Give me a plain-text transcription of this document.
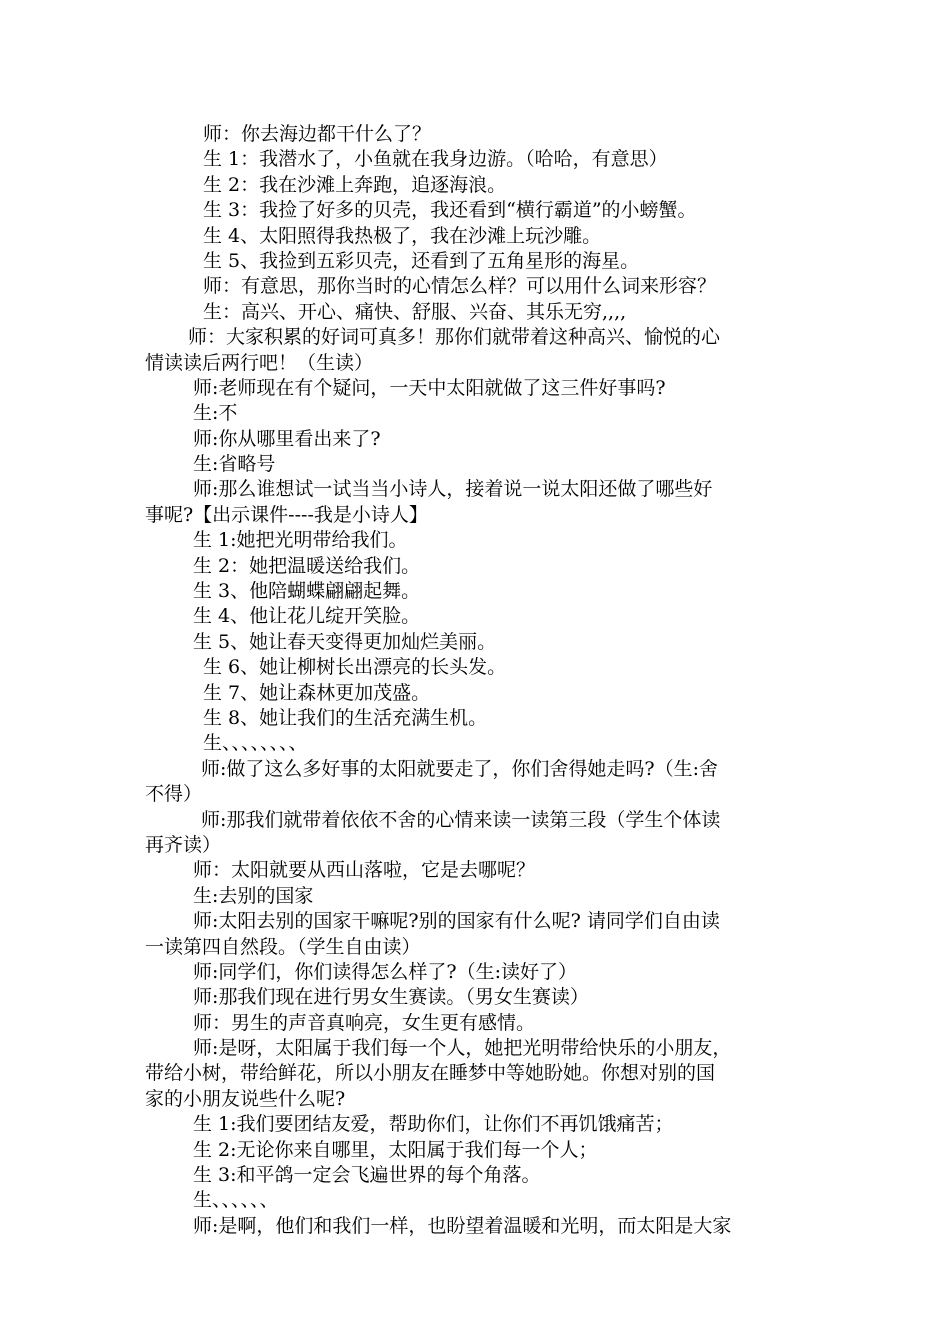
师：你去海边都干什么了？
生 1：我潜水了，小鱼就在我身边游。（哈哈，有意思）
生 2：我在沙滩上奔跑，追逐海浪。
生 3：我捡了好多的贝壳，我还看到“横行霸道”的小螃蟹。
生 4、太阳照得我热极了，我在沙滩上玩沙雕。
生 5、我捡到五彩贝壳，还看到了五角星形的海星。
师：有意思，那你当时的心情怎么样？可以用什么词来形容？
生：高兴、开心、痛快、舒服、兴奋、其乐无穷,,,,
师：大家积累的好词可真多！那你们就带着这种高兴、愉悦的心
情读读后两行吧！（生读）
师:老师现在有个疑问，一天中太阳就做了这三件好事吗?
生:不
师:你从哪里看出来了?
生:省略号
师:那么谁想试一试当当小诗人，接着说一说太阳还做了哪些好
事呢?【出示课件----我是小诗人】
生 1:她把光明带给我们。
生 2：她把温暖送给我们。
生 3、他陪蝴蝶翩翩起舞。
生 4、他让花儿绽开笑脸。
生 5、她让春天变得更加灿烂美丽。
生 6、她让柳树长出漂亮的长头发。
生 7、她让森林更加茂盛。
生 8、她让我们的生活充满生机。
生、、、、、、、、
师:做了这么多好事的太阳就要走了，你们舍得她走吗?（生:舍
不得）
师:那我们就带着依依不舍的心情来读一读第三段（学生个体读
再齐读）
师：太阳就要从西山落啦，它是去哪呢？
生:去别的国家
师:太阳去别的国家干嘛呢?别的国家有什么呢? 请同学们自由读
一读第四自然段。（学生自由读）
师:同学们，你们读得怎么样了?（生:读好了）
师:那我们现在进行男女生赛读。（男女生赛读）
师：男生的声音真响亮，女生更有感情。
师:是呀，太阳属于我们每一个人，她把光明带给快乐的小朋友，
带给小树，带给鲜花，所以小朋友在睡梦中等她盼她。你想对别的国
家的小朋友说些什么呢?
生 1:我们要团结友爱，帮助你们，让你们不再饥饿痛苦；
生 2:无论你来自哪里，太阳属于我们每一个人；
生 3:和平鸽一定会飞遍世界的每个角落。
生、、、、、、
师:是啊，他们和我们一样，也盼望着温暖和光明，而太阳是大家
